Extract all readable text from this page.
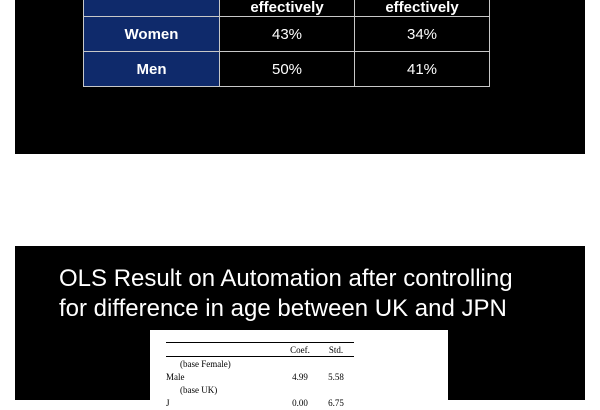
	effectively	effectively
Women	43%	34%
Men	50%	41%
OLS Result on Automation after controlling
for difference in age between UK and JPN
	Coef.	Std.
(base Female)		
Male	4.99	5.58
(base UK)		
J	0.00	6.75
